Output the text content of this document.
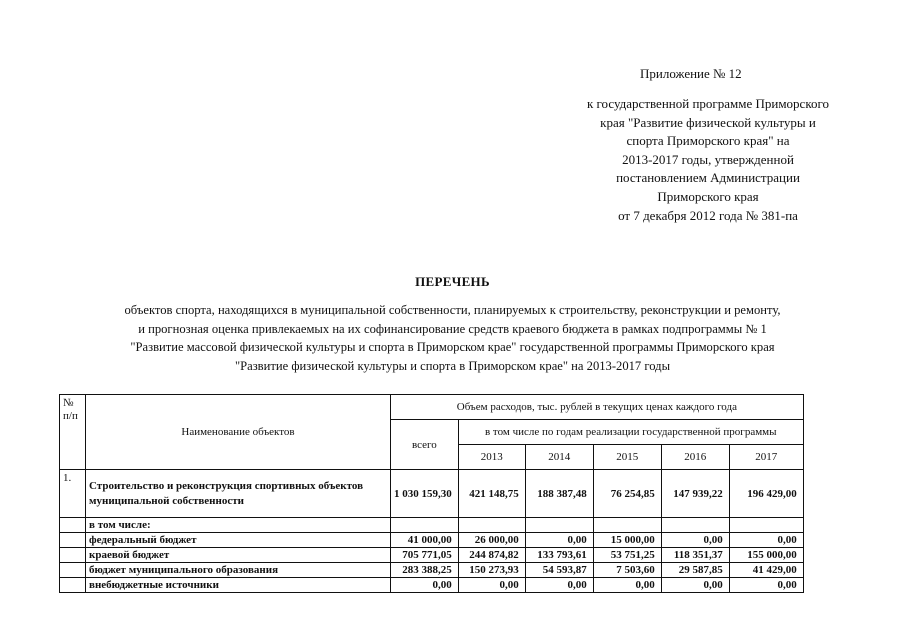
Приложение № 12
к государственной программе Приморского
края "Развитие физической культуры и
спорта Приморского края" на
2013-2017 годы, утвержденной
постановлением Администрации
Приморского края
от 7 декабря 2012 года № 381-па
ПЕРЕЧЕНЬ
объектов спорта, находящихся в муниципальной собственности, планируемых к строительству, реконструкции и ремонту,
и прогнозная оценка привлекаемых на их софинансирование средств краевого бюджета в рамках подпрограммы № 1
"Развитие массовой физической культуры и спорта в Приморском крае" государственной программы Приморского края
"Развитие физической культуры и спорта в Приморском крае" на 2013-2017 годы
№ п/п	Наименование объектов	Объем расходов, тыс. рублей в текущих ценах каждого года					
		всего	в том числе по годам реализации государственной программы				
			2013	2014	2015	2016	2017
1.	Строительство и реконструкция спортивных объектов муниципальной собственности	1 030 159,30	421 148,75	188 387,48	76 254,85	147 939,22	196 429,00
	в том числе:						
	федеральный бюджет	41 000,00	26 000,00	0,00	15 000,00	0,00	0,00
	краевой бюджет	705 771,05	244 874,82	133 793,61	53 751,25	118 351,37	155 000,00
	бюджет муниципального образования	283 388,25	150 273,93	54 593,87	7 503,60	29 587,85	41 429,00
	внебюджетные источники	0,00	0,00	0,00	0,00	0,00	0,00
